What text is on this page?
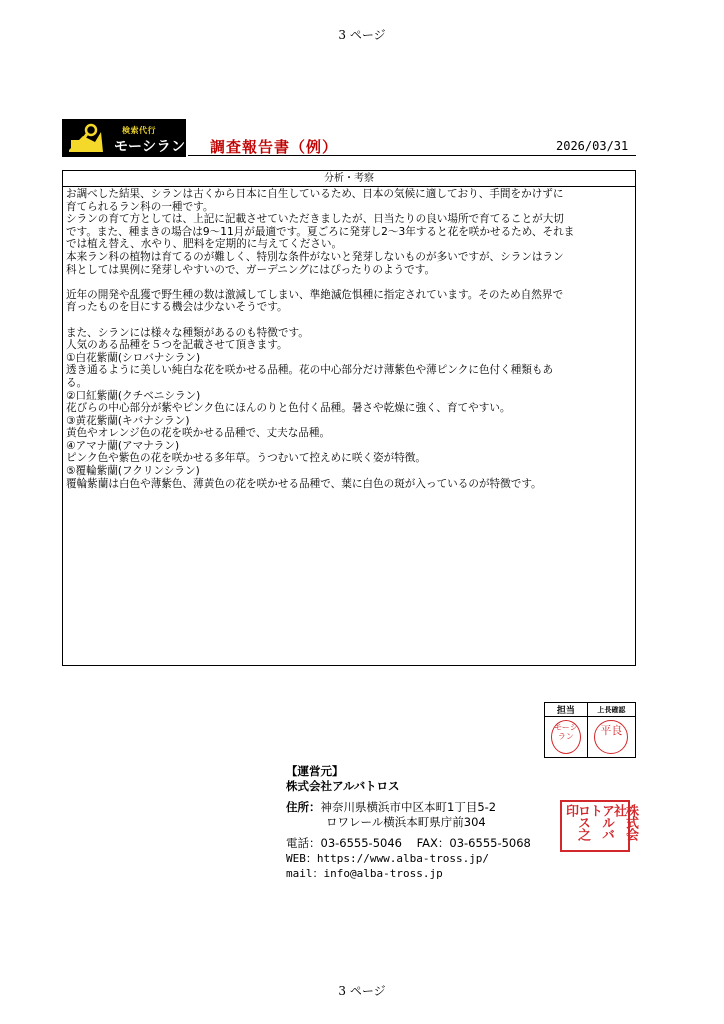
3 ページ
検索代行
モーシラン 調査報告書（例）	2026/03/31
分析・考察

お調べした結果、シランは古くから日本に自生しているため、日本の気候に適しており、手間をかけずに

育てられるラン科の一種です。

シランの育て方としては、上記に記載させていただきましたが、日当たりの良い場所で育てることが大切

です。また、種まきの場合は9～11月が最適です。夏ごろに発芽し2～3年すると花を咲かせるため、それま

では植え替え、水やり、肥料を定期的に与えてください。

本来ラン科の植物は育てるのが難しく、特別な条件がないと発芽しないものが多いですが、シランはラン

科としては異例に発芽しやすいので、ガーデニングにはぴったりのようです。

近年の開発や乱獲で野生種の数は激減してしまい、準絶滅危惧種に指定されています。そのため自然界で

育ったものを目にする機会は少ないそうです。

また、シランには様々な種類があるのも特徴です。

人気のある品種を５つを記載させて頂きます。

①白花紫蘭(シロバナシラン)

透き通るように美しい純白な花を咲かせる品種。花の中心部分だけ薄紫色や薄ピンクに色付く種類もあ

る。

②口紅紫蘭(クチベニシラン)

花びらの中心部分が紫やピンク色にほんのりと色付く品種。暑さや乾燥に強く、育てやすい。

③黄花紫蘭(キバナシラン)

黄色やオレンジ色の花を咲かせる品種で、丈夫な品種。

④アマナ蘭(アマナラン)

ピンク色や紫色の花を咲かせる多年草。うつむいて控えめに咲く姿が特徴。

⑤覆輪紫蘭(フクリンシラン)

覆輪紫蘭は白色や薄紫色、薄黄色の花を咲かせる品種で、葉に白色の斑が入っているのが特徴です。

担当	上長確認
モーシラン	平良
【運営元】
株式会社アルバトロス
住所：神奈川県横浜市中区本町1丁目5-2
ロワレール横浜本町県庁前304
電話：03-6555-5046 FAX：03-6555-5068
WEB：https://www.alba-tross.jp/
mail：info@alba-tross.jp
株式会社
アルバト
ロス之印
3 ページ
